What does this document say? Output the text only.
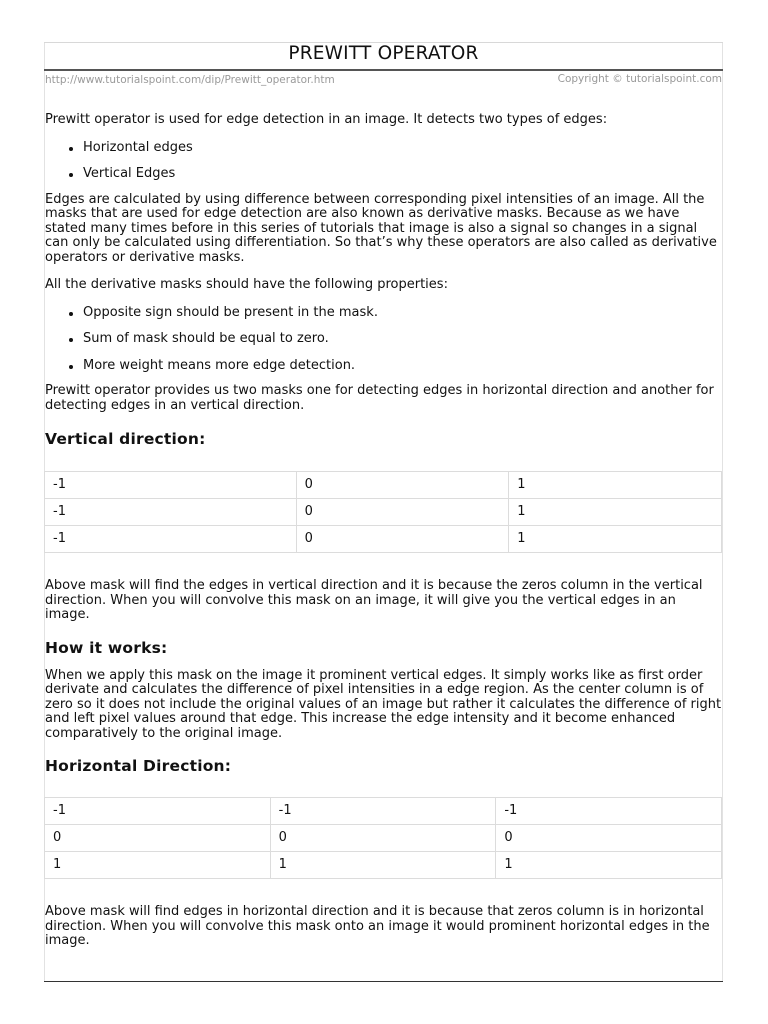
PREWITT OPERATOR
http://www.tutorialspoint.com/dip/Prewitt_operator.htm	Copyright © tutorialspoint.com

Prewitt operator is used for edge detection in an image. It detects two types of edges:

Horizontal edges
Vertical Edges

Edges are calculated by using difference between corresponding pixel intensities of an image. All the masks that are used for edge detection are also known as derivative masks. Because as we have stated many times before in this series of tutorials that image is also a signal so changes in a signal can only be calculated using differentiation. So that’s why these operators are also called as derivative operators or derivative masks.

All the derivative masks should have the following properties:

Opposite sign should be present in the mask.
Sum of mask should be equal to zero.
More weight means more edge detection.

Prewitt operator provides us two masks one for detecting edges in horizontal direction and another for detecting edges in an vertical direction.

Vertical direction:
-1	0	1
-1	0	1
-1	0	1

Above mask will find the edges in vertical direction and it is because the zeros column in the vertical direction. When you will convolve this mask on an image, it will give you the vertical edges in an image.

How it works:

When we apply this mask on the image it prominent vertical edges. It simply works like as first order derivate and calculates the difference of pixel intensities in a edge region. As the center column is of zero so it does not include the original values of an image but rather it calculates the difference of right and left pixel values around that edge. This increase the edge intensity and it become enhanced comparatively to the original image.

Horizontal Direction:
-1	-1	-1
0	0	0
1	1	1

Above mask will find edges in horizontal direction and it is because that zeros column is in horizontal direction. When you will convolve this mask onto an image it would prominent horizontal edges in the image.
